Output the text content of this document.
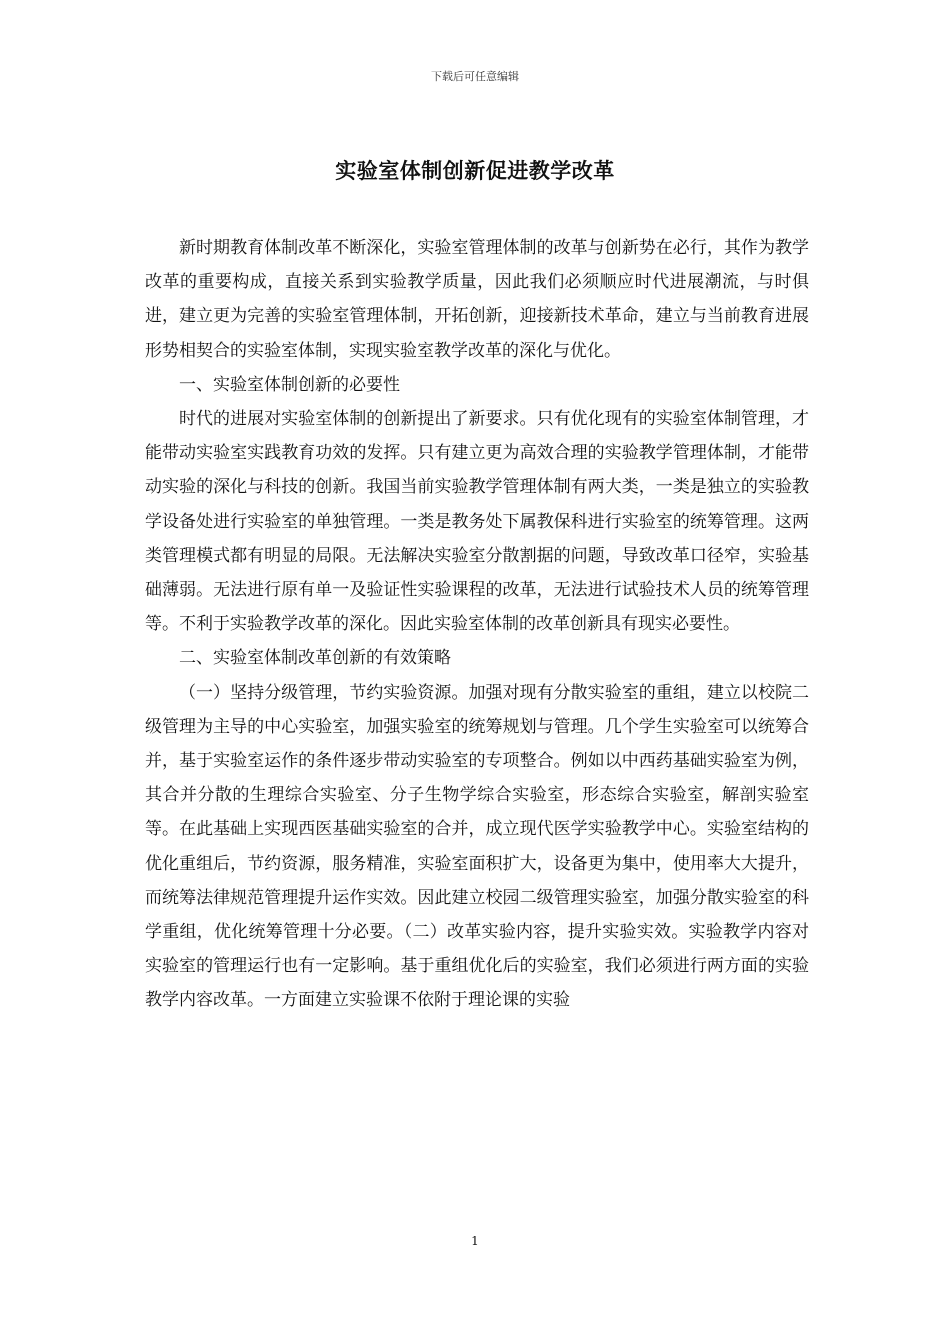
下载后可任意编辑
实验室体制创新促进教学改革

新时期教育体制改革不断深化，实验室管理体制的改革与创新势在必行，其作为教学改革的重要构成，直接关系到实验教学质量，因此我们必须顺应时代进展潮流，与时俱进，建立更为完善的实验室管理体制，开拓创新，迎接新技术革命，建立与当前教育进展形势相契合的实验室体制，实现实验室教学改革的深化与优化。

一、实验室体制创新的必要性

时代的进展对实验室体制的创新提出了新要求。只有优化现有的实验室体制管理，才能带动实验室实践教育功效的发挥。只有建立更为高效合理的实验教学管理体制，才能带动实验的深化与科技的创新。我国当前实验教学管理体制有两大类，一类是独立的实验教学设备处进行实验室的单独管理。一类是教务处下属教保科进行实验室的统筹管理。这两类管理模式都有明显的局限。无法解决实验室分散割据的问题，导致改革口径窄，实验基础薄弱。无法进行原有单一及验证性实验课程的改革，无法进行试验技术人员的统筹管理等。不利于实验教学改革的深化。因此实验室体制的改革创新具有现实必要性。

二、实验室体制改革创新的有效策略

（一）坚持分级管理，节约实验资源。加强对现有分散实验室的重组，建立以校院二级管理为主导的中心实验室，加强实验室的统筹规划与管理。几个学生实验室可以统筹合并，基于实验室运作的条件逐步带动实验室的专项整合。例如以中西药基础实验室为例，其合并分散的生理综合实验室、分子生物学综合实验室，形态综合实验室，解剖实验室等。在此基础上实现西医基础实验室的合并，成立现代医学实验教学中心。实验室结构的优化重组后，节约资源，服务精准，实验室面积扩大，设备更为集中，使用率大大提升，而统筹法律规范管理提升运作实效。因此建立校园二级管理实验室，加强分散实验室的科学重组，优化统筹管理十分必要。（二）改革实验内容，提升实验实效。实验教学内容对实验室的管理运行也有一定影响。基于重组优化后的实验室，我们必须进行两方面的实验教学内容改革。一方面建立实验课不依附于理论课的实验

1
